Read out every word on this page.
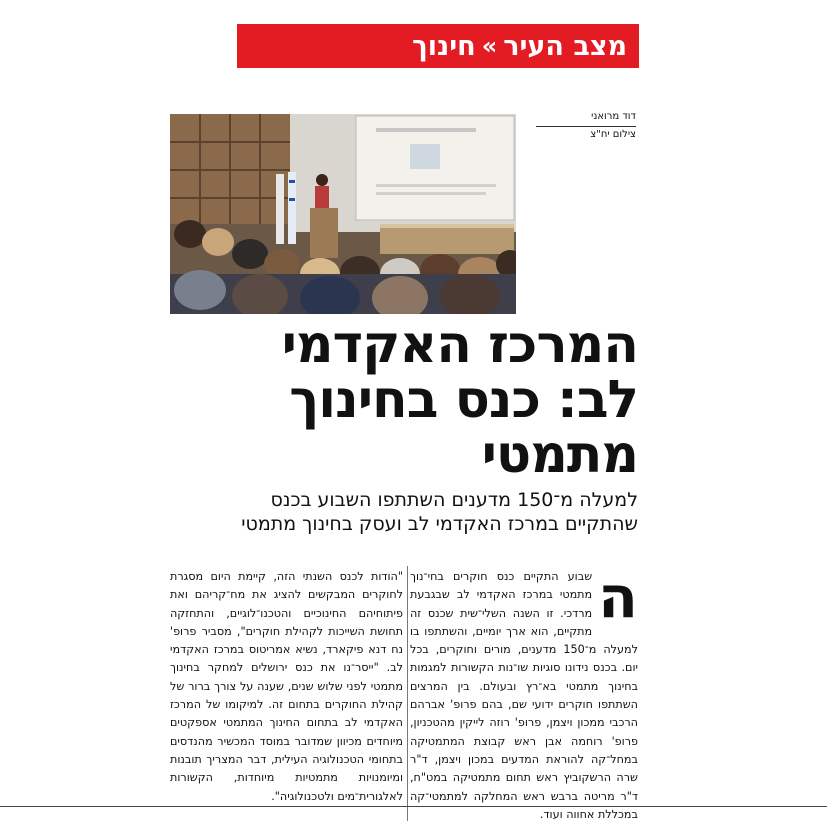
מצב העיר
»
חינוך
דוד מרואני
צילום יח"צ
המרכז האקדמי
לב: כנס בחינוך
מתמטי
למעלה מ־150 מדענים השתתפו השבוע בכנס
שהתקיים במרכז האקדמי לב ועסק בחינוך מתמטי
ה
שבוע התקיים כנס חוקרים בחי־נוך מתמטי במרכז האקדמי לב שבגבעת מרדכי. זו השנה השלי־שית שכנס זה מתקיים, הוא ארך יומיים, והשתתפו בו למעלה מ־150 מדענים, מורים וחוקרים, בכל יום. בכנס נידונו סוגיות שו־נות הקשורות למגמות בחינוך מתמטי בא־רץ ובעולם. בין המרצים השתתפו חוקרים ידועי שם, בהם פרופ' אברהם הרכבי ממכון ויצמן, פרופ' רוזה לייקין מהטכניון, פרופ' רוחמה אבן ראש קבוצת המתמטיקה במחל־קה להוראת המדעים במכון ויצמן, ד"ר שרה הרשקוביץ ראש תחום מתמטיקה במט"ח, ד"ר מריטה ברבש ראש המחלקה למתמטי־קה במכללת אחווה ועוד.
"הודות לכנס השנתי הזה, קיימת היום מסגרת לחוקרים המבקשים להציג את מח־קריהם ואת פיתוחיהם החינוכיים והטכנו־לוגיים, והתחזקה תחושת השייכות לקהילת חוקרים", מסביר פרופ' נח דנא פיקארד, נשיא אמריטוס במרכז האקדמי לב. "ייסר־נו את כנס ירושלים למחקר בחינוך מתמטי לפני שלוש שנים, שענה על צורך ברור של קהילת החוקרים בתחום זה. למיקומו של המרכז האקדמי לב בתחום החינוך המתמטי אספקטים מיוחדים מכיוון שמדובר במוסד המכשיר מהנדסים בתחומי הטכנולוגיה העילית, דבר המצריך תובנות ומיומנויות מתמטיות מיוחדות, הקשורות לאלגורית־מים ולטכנולוגיה".
